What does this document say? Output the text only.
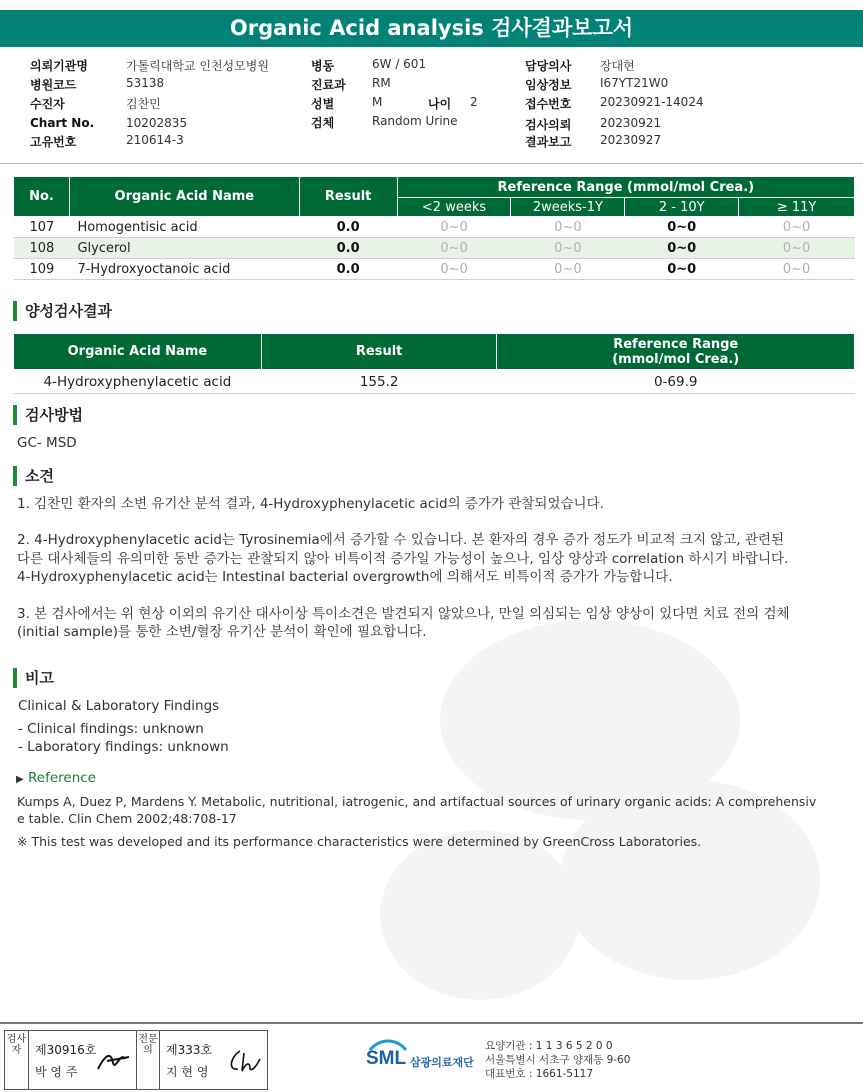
Organic Acid analysis 검사결과보고서
의뢰기관명	가톨릭대학교 인천성모병원
병원코드	53138
수진자	김찬민
Chart No.	10202835
고유번호	210614-3
병동	6W / 601
진료과 RM
성별	M	나이 2
검체	Random Urine
담당의사 장대현
임상정보 I67YT21W0
접수번호 20230921-14024
검사의뢰 20230921
결과보고 20230927
No.	Organic Acid Name	Result	Reference Range (mmol/mol Crea.)			
			<2 weeks	2weeks-1Y	2 - 10Y	≥ 11Y
107	Homogentisic acid	0.0	0~0	0~0	0~0	0~0
108	Glycerol	0.0	0~0	0~0	0~0	0~0
109	7-Hydroxyoctanoic acid	0.0	0~0	0~0	0~0	0~0
양성검사결과
Organic Acid Name	Result	Reference Range
(mmol/mol Crea.)

4-Hydroxyphenylacetic acid	155.2	0-69.9
검사방법
GC- MSD
소견
1. 김찬민 환자의 소변 유기산 분석 결과, 4-Hydroxyphenylacetic acid의 증가가 관찰되었습니다.
2. 4-Hydroxyphenylacetic acid는 Tyrosinemia에서 증가할 수 있습니다. 본 환자의 경우 증가 정도가 비교적 크지 않고, 관련된
다른 대사체들의 유의미한 동반 증가는 관찰되지 않아 비특이적 증가일 가능성이 높으나, 임상 양상과 correlation 하시기 바랍니다.
4-Hydroxyphenylacetic acid는 Intestinal bacterial overgrowth에 의해서도 비특이적 증가가 가능합니다.
3. 본 검사에서는 위 현상 이외의 유기산 대사이상 특이소견은 발견되지 않았으나, 만일 의심되는 임상 양상이 있다면 치료 전의 검체
(initial sample)를 통한 소변/혈장 유기산 분석이 확인에 필요합니다.
비고
Clinical & Laboratory Findings
- Clinical findings: unknown
- Laboratory findings: unknown
▶ Reference
Kumps A, Duez P, Mardens Y. Metabolic, nutritional, iatrogenic, and artifactual sources of urinary organic acids: A comprehensiv
e table. Clin Chem 2002;48:708-17
※ This test was developed and its performance characteristics were determined by GreenCross Laboratories.
검사자	제30916호
박 영 주
전문의	제333호
지 현 영
SML 삼광의료재단
요양기관 : 1 1 3 6 5 2 0 0
서울특별시 서초구 양재동 9-60
대표번호 : 1661-5117
